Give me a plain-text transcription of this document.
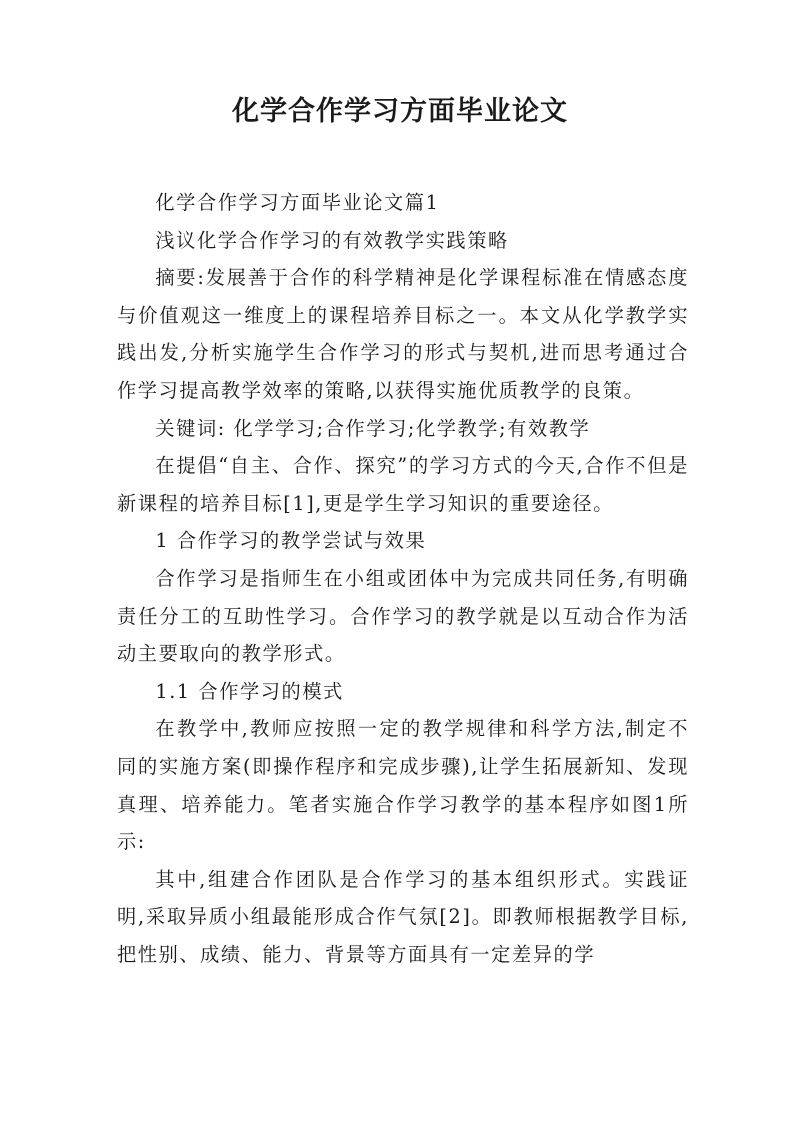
化学合作学习方面毕业论文

化学合作学习方面毕业论文篇1

浅议化学合作学习的有效教学实践策略

摘要:发展善于合作的科学精神是化学课程标准在情感态度与价值观这一维度上的课程培养目标之一。本文从化学教学实践出发,分析实施学生合作学习的形式与契机,进而思考通过合作学习提高教学效率的策略,以获得实施优质教学的良策。

关键词: 化学学习;合作学习;化学教学;有效教学

在提倡“自主、合作、探究”的学习方式的今天,合作不但是新课程的培养目标[1],更是学生学习知识的重要途径。

1 合作学习的教学尝试与效果

合作学习是指师生在小组或团体中为完成共同任务,有明确责任分工的互助性学习。合作学习的教学就是以互动合作为活动主要取向的教学形式。

1.1 合作学习的模式

在教学中,教师应按照一定的教学规律和科学方法,制定不同的实施方案(即操作程序和完成步骤),让学生拓展新知、发现真理、培养能力。笔者实施合作学习教学的基本程序如图1所示:

其中,组建合作团队是合作学习的基本组织形式。实践证明,采取异质小组最能形成合作气氛[2]。即教师根据教学目标,把性别、成绩、能力、背景等方面具有一定差异的学
